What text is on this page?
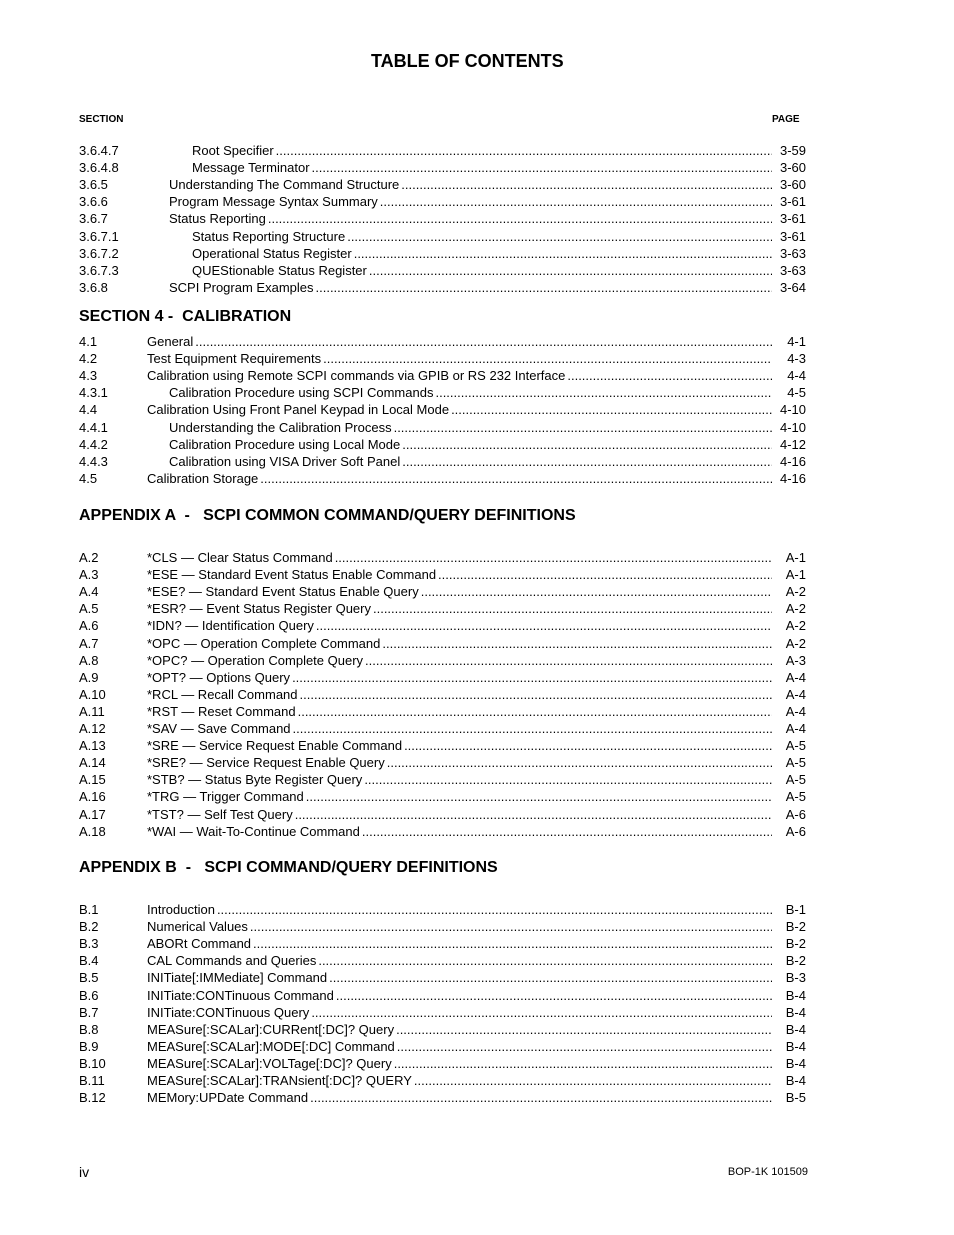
TABLE OF CONTENTS
SECTION	PAGE
3.6.4.7	Root Specifier .....	3-59
3.6.4.8	Message Terminator .....	3-60
3.6.5	Understanding The Command Structure .....	3-60
3.6.6	Program Message Syntax Summary .....	3-61
3.6.7	Status Reporting .....	3-61
3.6.7.1	Status Reporting Structure .....	3-61
3.6.7.2	Operational Status Register .....	3-63
3.6.7.3	QUEStionable Status Register .....	3-63
3.6.8	SCPI Program Examples .....	3-64
SECTION 4 -  CALIBRATION
4.1	General .....	4-1
4.2	Test Equipment Requirements .....	4-3
4.3	Calibration using Remote SCPI commands via GPIB or RS 232 Interface .....	4-4
4.3.1	Calibration Procedure using SCPI Commands .....	4-5
4.4	Calibration Using Front Panel Keypad in Local Mode .....	4-10
4.4.1	Understanding the Calibration Process .....	4-10
4.4.2	Calibration Procedure using Local Mode .....	4-12
4.4.3	Calibration using VISA Driver Soft Panel .....	4-16
4.5	Calibration Storage .....	4-16
APPENDIX A  -   SCPI COMMON COMMAND/QUERY DEFINITIONS
A.2	*CLS — Clear Status Command .....	A-1
A.3	*ESE — Standard Event Status Enable Command .....	A-1
A.4	*ESE? — Standard Event Status Enable Query .....	A-2
A.5	*ESR? — Event Status Register Query .....	A-2
A.6	*IDN? — Identification Query .....	A-2
A.7	*OPC — Operation Complete Command .....	A-2
A.8	*OPC? — Operation Complete Query .....	A-3
A.9	*OPT? — Options Query .....	A-4
A.10	*RCL — Recall Command .....	A-4
A.11	*RST — Reset Command .....	A-4
A.12	*SAV — Save Command .....	A-4
A.13	*SRE — Service Request Enable Command .....	A-5
A.14	*SRE? — Service Request Enable Query .....	A-5
A.15	*STB? — Status Byte Register Query .....	A-5
A.16	*TRG — Trigger Command .....	A-5
A.17	*TST? — Self Test Query .....	A-6
A.18	*WAI — Wait-To-Continue Command .....	A-6
APPENDIX B  -   SCPI COMMAND/QUERY DEFINITIONS
B.1	Introduction .....	B-1
B.2	Numerical Values .....	B-2
B.3	ABORt Command .....	B-2
B.4	CAL Commands and Queries .....	B-2
B.5	INITiate[:IMMediate] Command .....	B-3
B.6	INITiate:CONTinuous Command .....	B-4
B.7	INITiate:CONTinuous Query .....	B-4
B.8	MEASure[:SCALar]:CURRent[:DC]? Query .....	B-4
B.9	MEASure[:SCALar]:MODE[:DC] Command .....	B-4
B.10	MEASure[:SCALar]:VOLTage[:DC]? Query .....	B-4
B.11	MEASure[:SCALar]:TRANsient[:DC]? QUERY .....	B-4
B.12	MEMory:UPDate Command .....	B-5
iv	BOP-1K 101509
